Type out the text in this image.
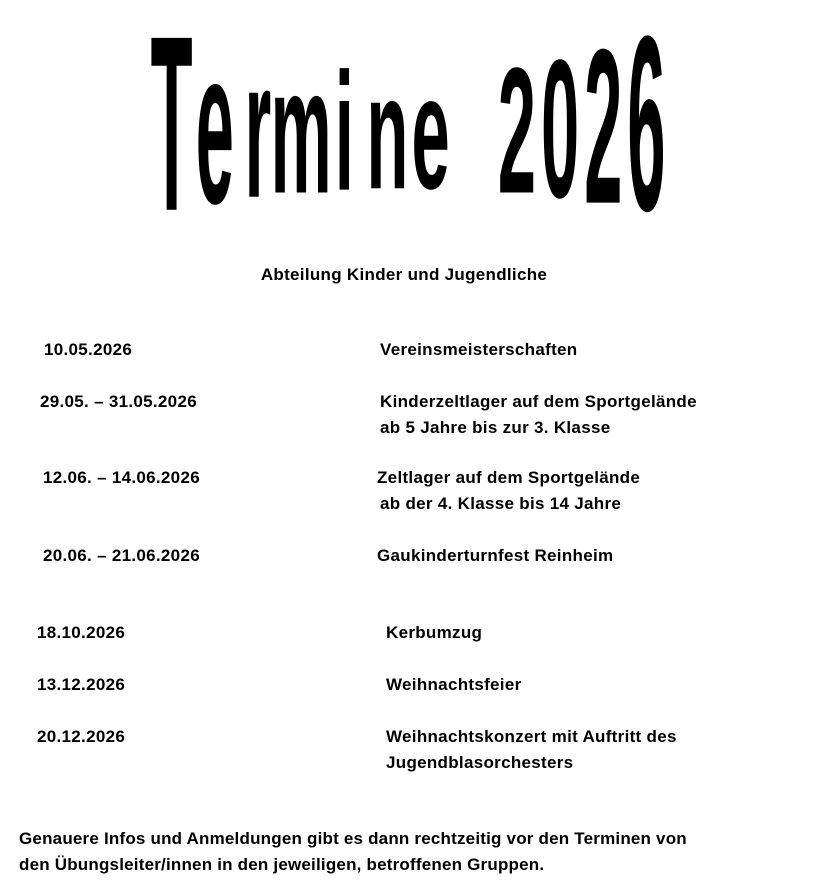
T e r m i n e 2 0 2 6
Abteilung Kinder und Jugendliche
10.05.2026	Vereinsmeisterschaften
29.05. – 31.05.2026	Kinderzeltlager auf dem Sportgelände
ab 5 Jahre bis zur 3. Klasse
12.06. – 14.06.2026	Zeltlager auf dem Sportgelände
ab der 4. Klasse bis 14 Jahre
20.06. – 21.06.2026	Gaukinderturnfest Reinheim
18.10.2026	Kerbumzug
13.12.2026	Weihnachtsfeier
20.12.2026	Weihnachtskonzert mit Auftritt des
Jugendblasorchesters
Genauere Infos und Anmeldungen gibt es dann rechtzeitig vor den Terminen von
den Übungsleiter/innen in den jeweiligen, betroffenen Gruppen.
